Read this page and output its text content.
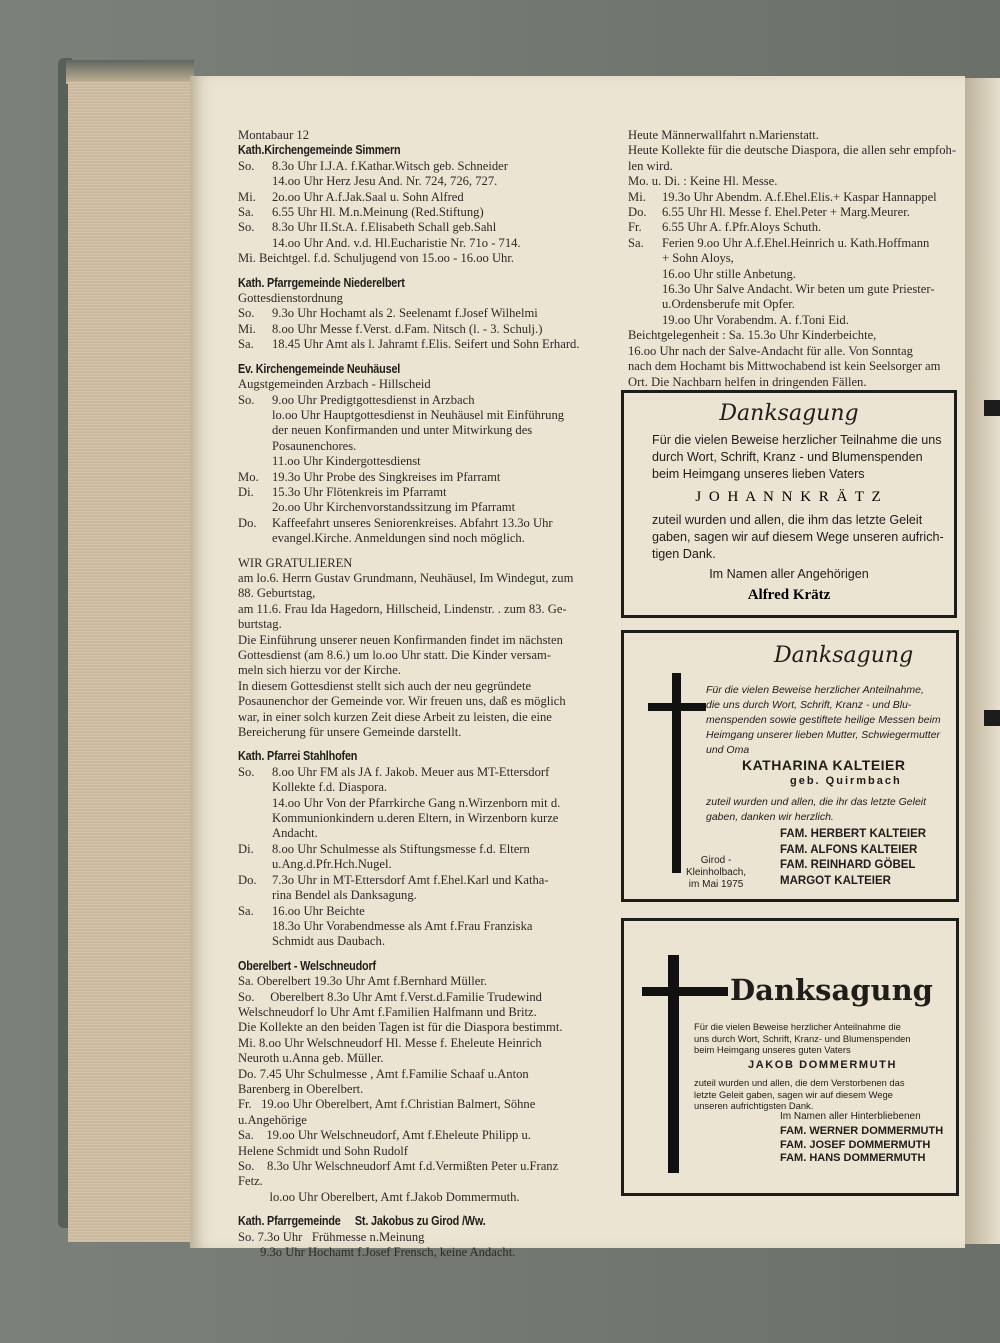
Montabaur 12
Kath.Kirchengemeinde Simmern
So.	8.3o Uhr I.J.A. f.Kathar.Witsch geb. Schneider
14.oo Uhr Herz Jesu And. Nr. 724, 726, 727.
Mi.	2o.oo Uhr A.f.Jak.Saal u. Sohn Alfred
Sa.	6.55 Uhr Hl. M.n.Meinung (Red.Stiftung)
So.	8.3o Uhr II.St.A. f.Elisabeth Schall geb.Sahl
14.oo Uhr And. v.d. Hl.Eucharistie Nr. 71o - 714.
Mi. Beichtgel. f.d. Schuljugend von 15.oo - 16.oo Uhr.
Kath. Pfarrgemeinde Niederelbert
Gottesdienstordnung
So.	9.3o Uhr Hochamt als 2. Seelenamt f.Josef Wilhelmi
Mi.	8.oo Uhr Messe f.Verst. d.Fam. Nitsch (l. - 3. Schulj.)
Sa.	18.45 Uhr Amt als l. Jahramt f.Elis. Seifert und Sohn Erhard.
Ev. Kirchengemeinde Neuhäusel
Augstgemeinden Arzbach - Hillscheid
So.	9.oo Uhr Predigtgottesdienst in Arzbach
lo.oo Uhr Hauptgottesdienst in Neuhäusel mit Einführung
der neuen Konfirmanden und unter Mitwirkung des
Posaunenchores.
11.oo Uhr Kindergottesdienst
Mo.	19.3o Uhr Probe des Singkreises im Pfarramt
Di.	15.3o Uhr Flötenkreis im Pfarramt
2o.oo Uhr Kirchenvorstandssitzung im Pfarramt
Do.	Kaffeefahrt unseres Seniorenkreises. Abfahrt 13.3o Uhr
evangel.Kirche. Anmeldungen sind noch möglich.
WIR GRATULIEREN
am lo.6. Herrn Gustav Grundmann, Neuhäusel, Im Windegut, zum
88. Geburtstag,
am 11.6. Frau Ida Hagedorn, Hillscheid, Lindenstr. . zum 83. Ge-
burtstag.
Die Einführung unserer neuen Konfirmanden findet im nächsten
Gottesdienst (am 8.6.) um lo.oo Uhr statt. Die Kinder versam-
meln sich hierzu vor der Kirche.
In diesem Gottesdienst stellt sich auch der neu gegründete
Posaunenchor der Gemeinde vor. Wir freuen uns, daß es möglich
war, in einer solch kurzen Zeit diese Arbeit zu leisten, die eine
Bereicherung für unsere Gemeinde darstellt.
Kath. Pfarrei Stahlhofen
So.	8.oo Uhr FM als JA f. Jakob. Meuer aus MT-Ettersdorf
Kollekte f.d. Diaspora.
14.oo Uhr Von der Pfarrkirche Gang n.Wirzenborn mit d.
Kommunionkindern u.deren Eltern, in Wirzenborn kurze
Andacht.
Di.	8.oo Uhr Schulmesse als Stiftungsmesse f.d. Eltern
u.Ang.d.Pfr.Hch.Nugel.
Do.	7.3o Uhr in MT-Ettersdorf Amt f.Ehel.Karl und Katha-
rina Bendel als Danksagung.
Sa.	16.oo Uhr Beichte
18.3o Uhr Vorabendmesse als Amt f.Frau Franziska
Schmidt aus Daubach.
Oberelbert - Welschneudorf
Sa. Oberelbert 19.3o Uhr Amt f.Bernhard Müller.
So.     Oberelbert 8.3o Uhr Amt f.Verst.d.Familie Trudewind
Welschneudorf lo Uhr Amt f.Familien Halfmann und Britz.
Die Kollekte an den beiden Tagen ist für die Diaspora bestimmt.
Mi. 8.oo Uhr Welschneudorf Hl. Messe f. Eheleute Heinrich
Neuroth u.Anna geb. Müller.
Do. 7.45 Uhr Schulmesse , Amt f.Familie Schaaf u.Anton
Barenberg in Oberelbert.
Fr.   19.oo Uhr Oberelbert, Amt f.Christian Balmert, Söhne
u.Angehörige
Sa.    19.oo Uhr Welschneudorf, Amt f.Eheleute Philipp u.
Helene Schmidt und Sohn Rudolf
So.    8.3o Uhr Welschneudorf Amt f.d.Vermißten Peter u.Franz
Fetz.
lo.oo Uhr Oberelbert, Amt f.Jakob Dommermuth.
Kath. Pfarrgemeinde     St. Jakobus zu Girod /Ww.
So. 7.3o Uhr   Frühmesse n.Meinung
9.3o Uhr Hochamt f.Josef Frensch, keine Andacht.
Heute Männerwallfahrt n.Marienstatt.
Heute Kollekte für die deutsche Diaspora, die allen sehr empfoh-
len wird.
Mo. u. Di. : Keine Hl. Messe.
Mi.	19.3o Uhr Abendm. A.f.Ehel.Elis.+ Kaspar Hannappel
Do.	6.55 Uhr Hl. Messe f. Ehel.Peter + Marg.Meurer.
Fr.	6.55 Uhr A. f.Pfr.Aloys Schuth.
Sa.	Ferien 9.oo Uhr A.f.Ehel.Heinrich u. Kath.Hoffmann
+ Sohn Aloys,
16.oo Uhr stille Anbetung.
16.3o Uhr Salve Andacht. Wir beten um gute Priester-
u.Ordensberufe mit Opfer.
19.oo Uhr Vorabendm. A. f.Toni Eid.
Beichtgelegenheit : Sa. 15.3o Uhr Kinderbeichte,
16.oo Uhr nach der Salve-Andacht für alle. Von Sonntag
nach dem Hochamt bis Mittwochabend ist kein Seelsorger am
Ort. Die Nachbarn helfen in dringenden Fällen.
Danksagung
Für die vielen Beweise herzlicher Teilnahme die uns
durch Wort, Schrift, Kranz - und Blumenspenden
beim Heimgang unseres lieben Vaters
J O H A N N K R Ä T Z
zuteil wurden und allen, die ihm das letzte Geleit
gaben, sagen wir auf diesem Wege unseren aufrich-
tigen Dank.
Im Namen aller Angehörigen
Alfred Krätz
Danksagung
Für die vielen Beweise herzlicher Anteilnahme,
die uns durch Wort, Schrift, Kranz - und Blu-
menspenden sowie gestiftete heilige Messen beim
Heimgang unserer lieben Mutter, Schwiegermutter
und Oma
KATHARINA KALTEIER
geb. Quirmbach
zuteil wurden und allen, die ihr das letzte Geleit
gaben, danken wir herzlich.
Girod -
Kleinholbach,
im Mai 1975
FAM. HERBERT KALTEIER
FAM. ALFONS KALTEIER
FAM. REINHARD GÖBEL
MARGOT KALTEIER
Danksagung
Für die vielen Beweise herzlicher Anteilnahme die
uns durch Wort, Schrift, Kranz- und Blumenspenden
beim Heimgang unseres guten Vaters
JAKOB DOMMERMUTH
zuteil wurden und allen, die dem Verstorbenen das
letzte Geleit gaben, sagen wir auf diesem Wege
unseren aufrichtigsten Dank.
Im Namen aller Hinterbliebenen
FAM. WERNER DOMMERMUTH
FAM. JOSEF DOMMERMUTH
FAM. HANS DOMMERMUTH
